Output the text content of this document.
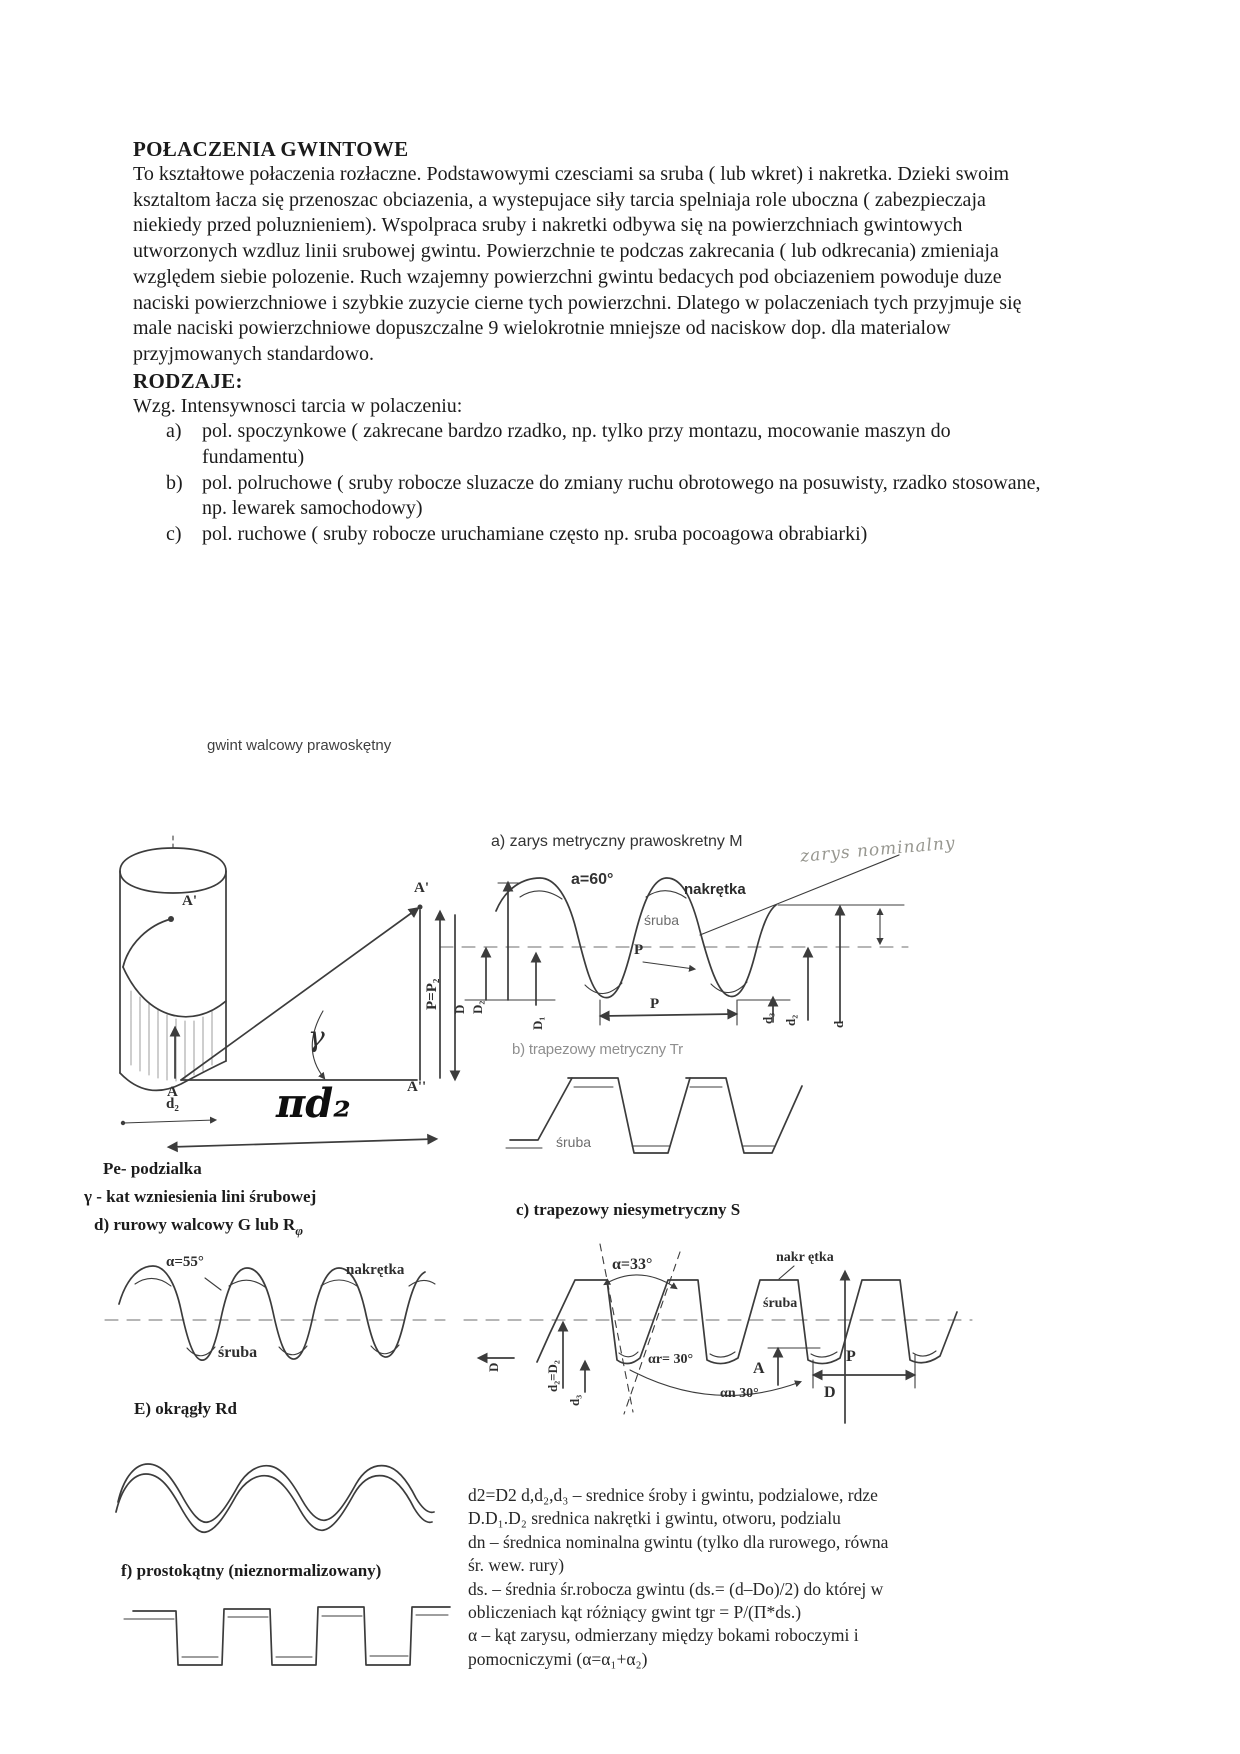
POŁACZENIA GWINTOWE

To kształtowe połaczenia rozłaczne. Podstawowymi czesciami sa sruba ( lub wkret) i nakretka. Dzieki swoim ksztaltom łacza się przenoszac obciazenia, a wystepujace siły tarcia spelniaja role uboczna ( zabezpieczaja niekiedy przed poluznieniem). Wspolpraca sruby i nakretki odbywa się na powierzchniach gwintowych utworzonych wzdluz linii srubowej gwintu. Powierzchnie te podczas zakrecania ( lub odkrecania) zmieniaja względem siebie polozenie. Ruch wzajemny powierzchni gwintu bedacych pod obciazeniem powoduje duze naciski powierzchniowe i szybkie zuzycie cierne tych powierzchni. Dlatego w polaczeniach tych przyjmuje się male naciski powierzchniowe dopuszczalne 9 wielokrotnie mniejsze od naciskow dop. dla materialow przyjmowanych standardowo.

RODZAJE:
Wzg. Intensywnosci tarcia w polaczeniu:
a)	pol. spoczynkowe ( zakrecane bardzo rzadko, np. tylko przy montazu, mocowanie maszyn do fundamentu)
b) pol. polruchowe ( sruby robocze sluzacze do zmiany ruchu obrotowego na posuwisty, rzadko stosowane, np. lewarek samochodowy)
c)	pol. ruchowe ( sruby robocze uruchamiane często np. sruba pocoagowa obrabiarki)
gwint walcowy prawoskętny
A'
A'
γ
P=P₂
A	A''
d₂ πd₂
Pe- podzialka
γ - kat wzniesienia lini śrubowej
d) rurowy walcowy G lub $R_\varphi$
a) zarys metryczny prawoskretny M	zarys nominalny
a=60°
nakrętka
śruba
P
P
D D₂
D₁	d₃ d₂	d
b) trapezowy metryczny Tr
śruba
c) trapezowy niesymetryczny S
α=33°	nakr ętka
śruba
D	d₂=D₂
d₃
αr= 30°
αn 30°
A
P
D
α=55°	nakrętka
śruba
E) okrągły Rd
f) prostokątny (nieznormalizowany)
d2=D2 d,d₂,d₃ – srednice śroby i gwintu, podzialowe, rdze
D.D₁.D₂ srednica nakrętki i gwintu, otworu, podzialu
dn – średnica nominalna gwintu (tylko dla rurowego, równa
śr. wew. rury)
ds. – średnia śr.robocza gwintu (ds.= (d–Do)/2) do której w
obliczeniach kąt różniący gwint tgr = P/(Π*ds.)
α – kąt zarysu, odmierzany między bokami roboczymi i
pomocniczymi (α=α₁+α₂)
